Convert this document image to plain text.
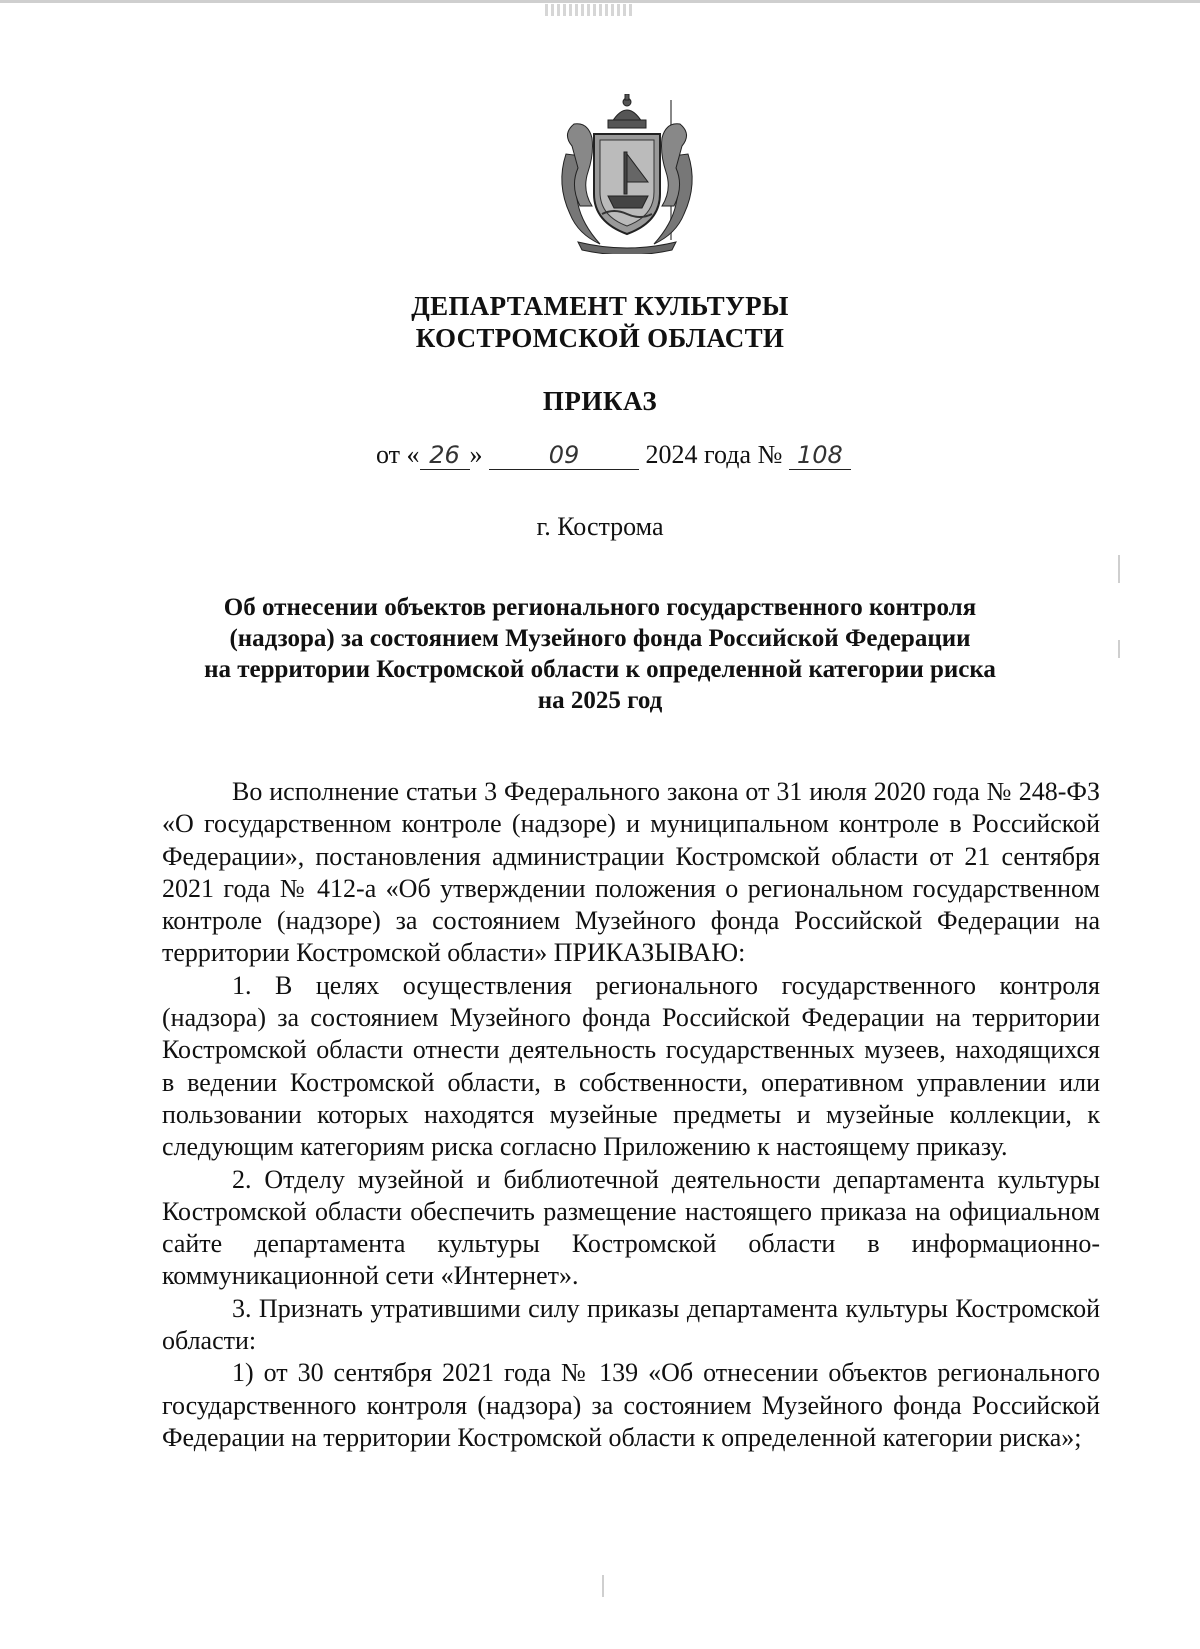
ДЕПАРТАМЕНТ КУЛЬТУРЫ
КОСТРОМСКОЙ ОБЛАСТИ
ПРИКАЗ
от « 26 » 09 2024 года № 108
г. Кострома
Об отнесении объектов регионального государственного контроля
(надзора) за состоянием Музейного фонда Российской Федерации
на территории Костромской области к определенной категории риска
на 2025 год

Во исполнение статьи 3 Федерального закона от 31 июля 2020 года № 248-ФЗ «О государственном контроле (надзоре) и муниципальном контроле в Российской Федерации», постановления администрации Костромской области от 21 сентября 2021 года № 412-а «Об утверждении положения о региональном государственном контроле (надзоре) за состоянием Музейного фонда Российской Федерации на территории Костромской области» ПРИКАЗЫВАЮ:

1. В целях осуществления регионального государственного контроля (надзора) за состоянием Музейного фонда Российской Федерации на территории Костромской области отнести деятельность государственных музеев, находящихся в ведении Костромской области, в собственности, оперативном управлении или пользовании которых находятся музейные предметы и музейные коллекции, к следующим категориям риска согласно Приложению к настоящему приказу.

2. Отделу музейной и библиотечной деятельности департамента культуры Костромской области обеспечить размещение настоящего приказа на официальном сайте департамента культуры Костромской области в информационно-коммуникационной сети «Интернет».

3. Признать утратившими силу приказы департамента культуры Костромской области:

1) от 30 сентября 2021 года № 139 «Об отнесении объектов регионального государственного контроля (надзора) за состоянием Музейного фонда Российской Федерации на территории Костромской области к определенной категории риска»;
